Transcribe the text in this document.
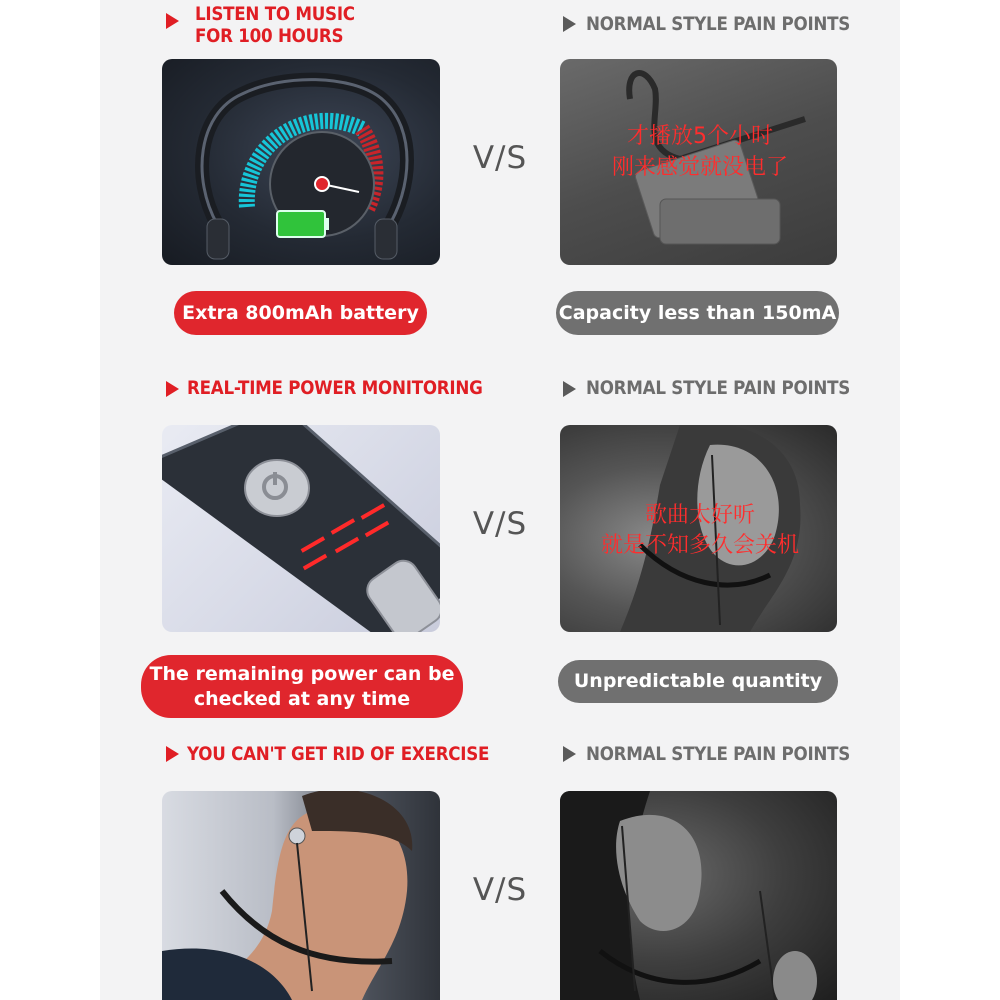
LISTEN TO MUSIC
FOR 100 HOURS
NORMAL STYLE PAIN POINTS
V/S
才播放5个小时
刚来感觉就没电了
Extra 800mAh battery	Capacity less than 150mA
REAL-TIME POWER MONITORING	NORMAL STYLE PAIN POINTS
V/S	歌曲太好听
就是不知多久会关机
The remaining power can be
checked at any time
Unpredictable quantity
YOU CAN'T GET RID OF EXERCISE	NORMAL STYLE PAIN POINTS
V/S
